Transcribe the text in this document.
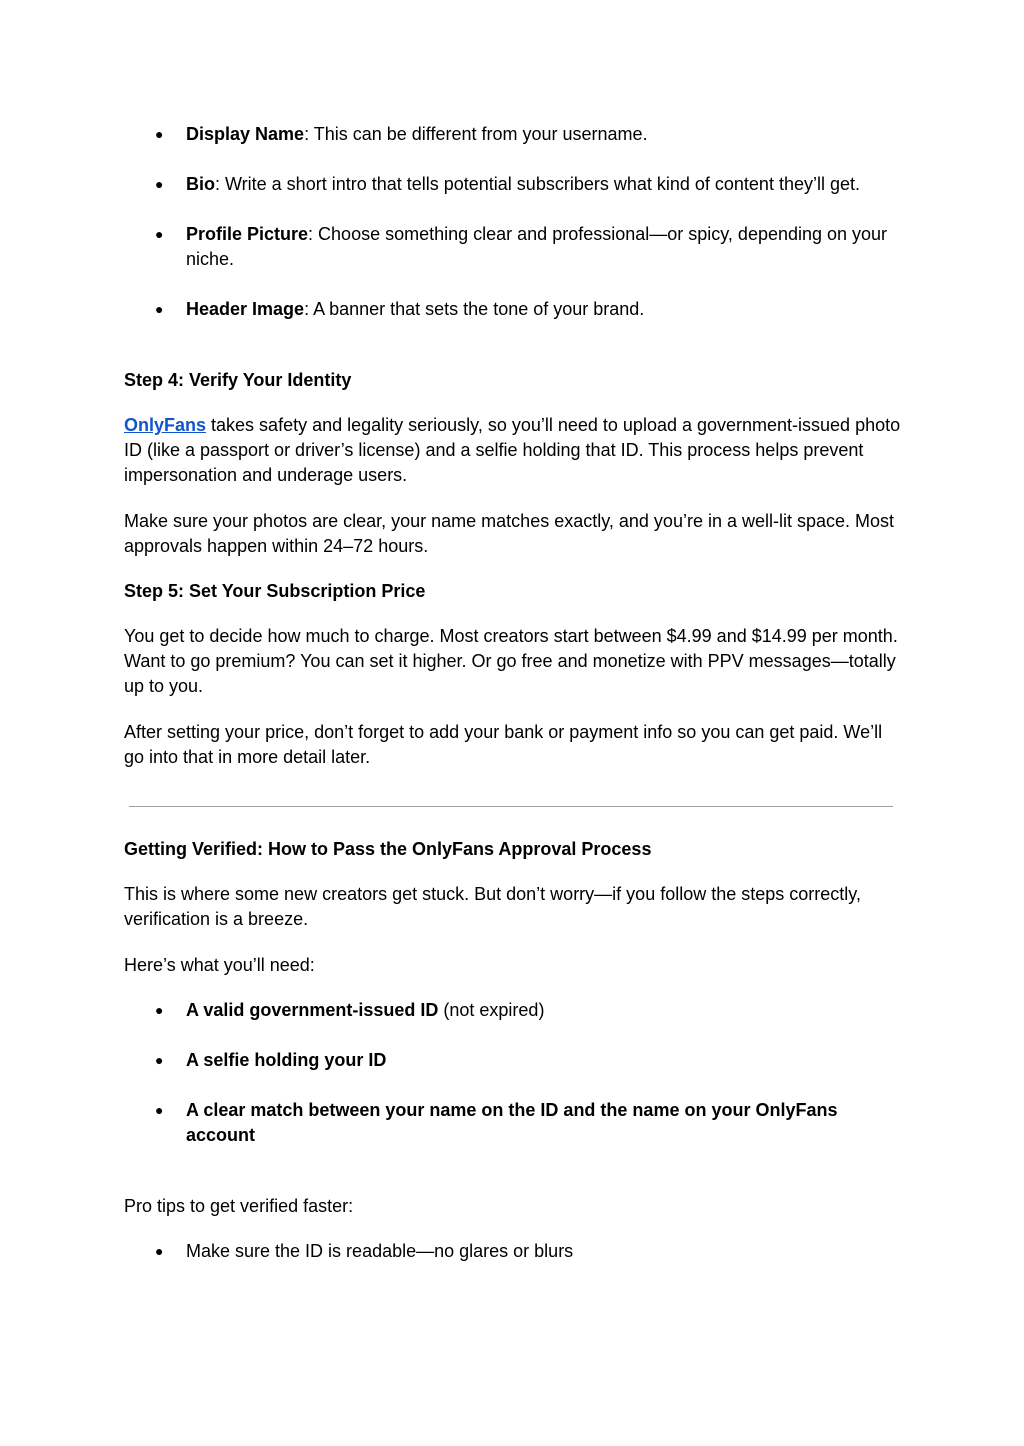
● Display Name: This can be different from your username.

● Bio: Write a short intro that tells potential subscribers what kind of content they’ll get.

● Profile Picture: Choose something clear and professional—or spicy, depending on your niche.

● Header Image: A banner that sets the tone of your brand.

Step 4: Verify Your Identity

OnlyFans takes safety and legality seriously, so you’ll need to upload a government-issued photo ID (like a passport or driver’s license) and a selfie holding that ID. This process helps prevent impersonation and underage users.

Make sure your photos are clear, your name matches exactly, and you’re in a well-lit space. Most approvals happen within 24–72 hours.

Step 5: Set Your Subscription Price

You get to decide how much to charge. Most creators start between $4.99 and $14.99 per month. Want to go premium? You can set it higher. Or go free and monetize with PPV messages—totally up to you.

After setting your price, don’t forget to add your bank or payment info so you can get paid. We’ll go into that in more detail later.

Getting Verified: How to Pass the OnlyFans Approval Process

This is where some new creators get stuck. But don’t worry—if you follow the steps correctly, verification is a breeze.

Here’s what you’ll need:

● A valid government-issued ID (not expired)

● A selfie holding your ID

● A clear match between your name on the ID and the name on your OnlyFans account

Pro tips to get verified faster:

● Make sure the ID is readable—no glares or blurs
